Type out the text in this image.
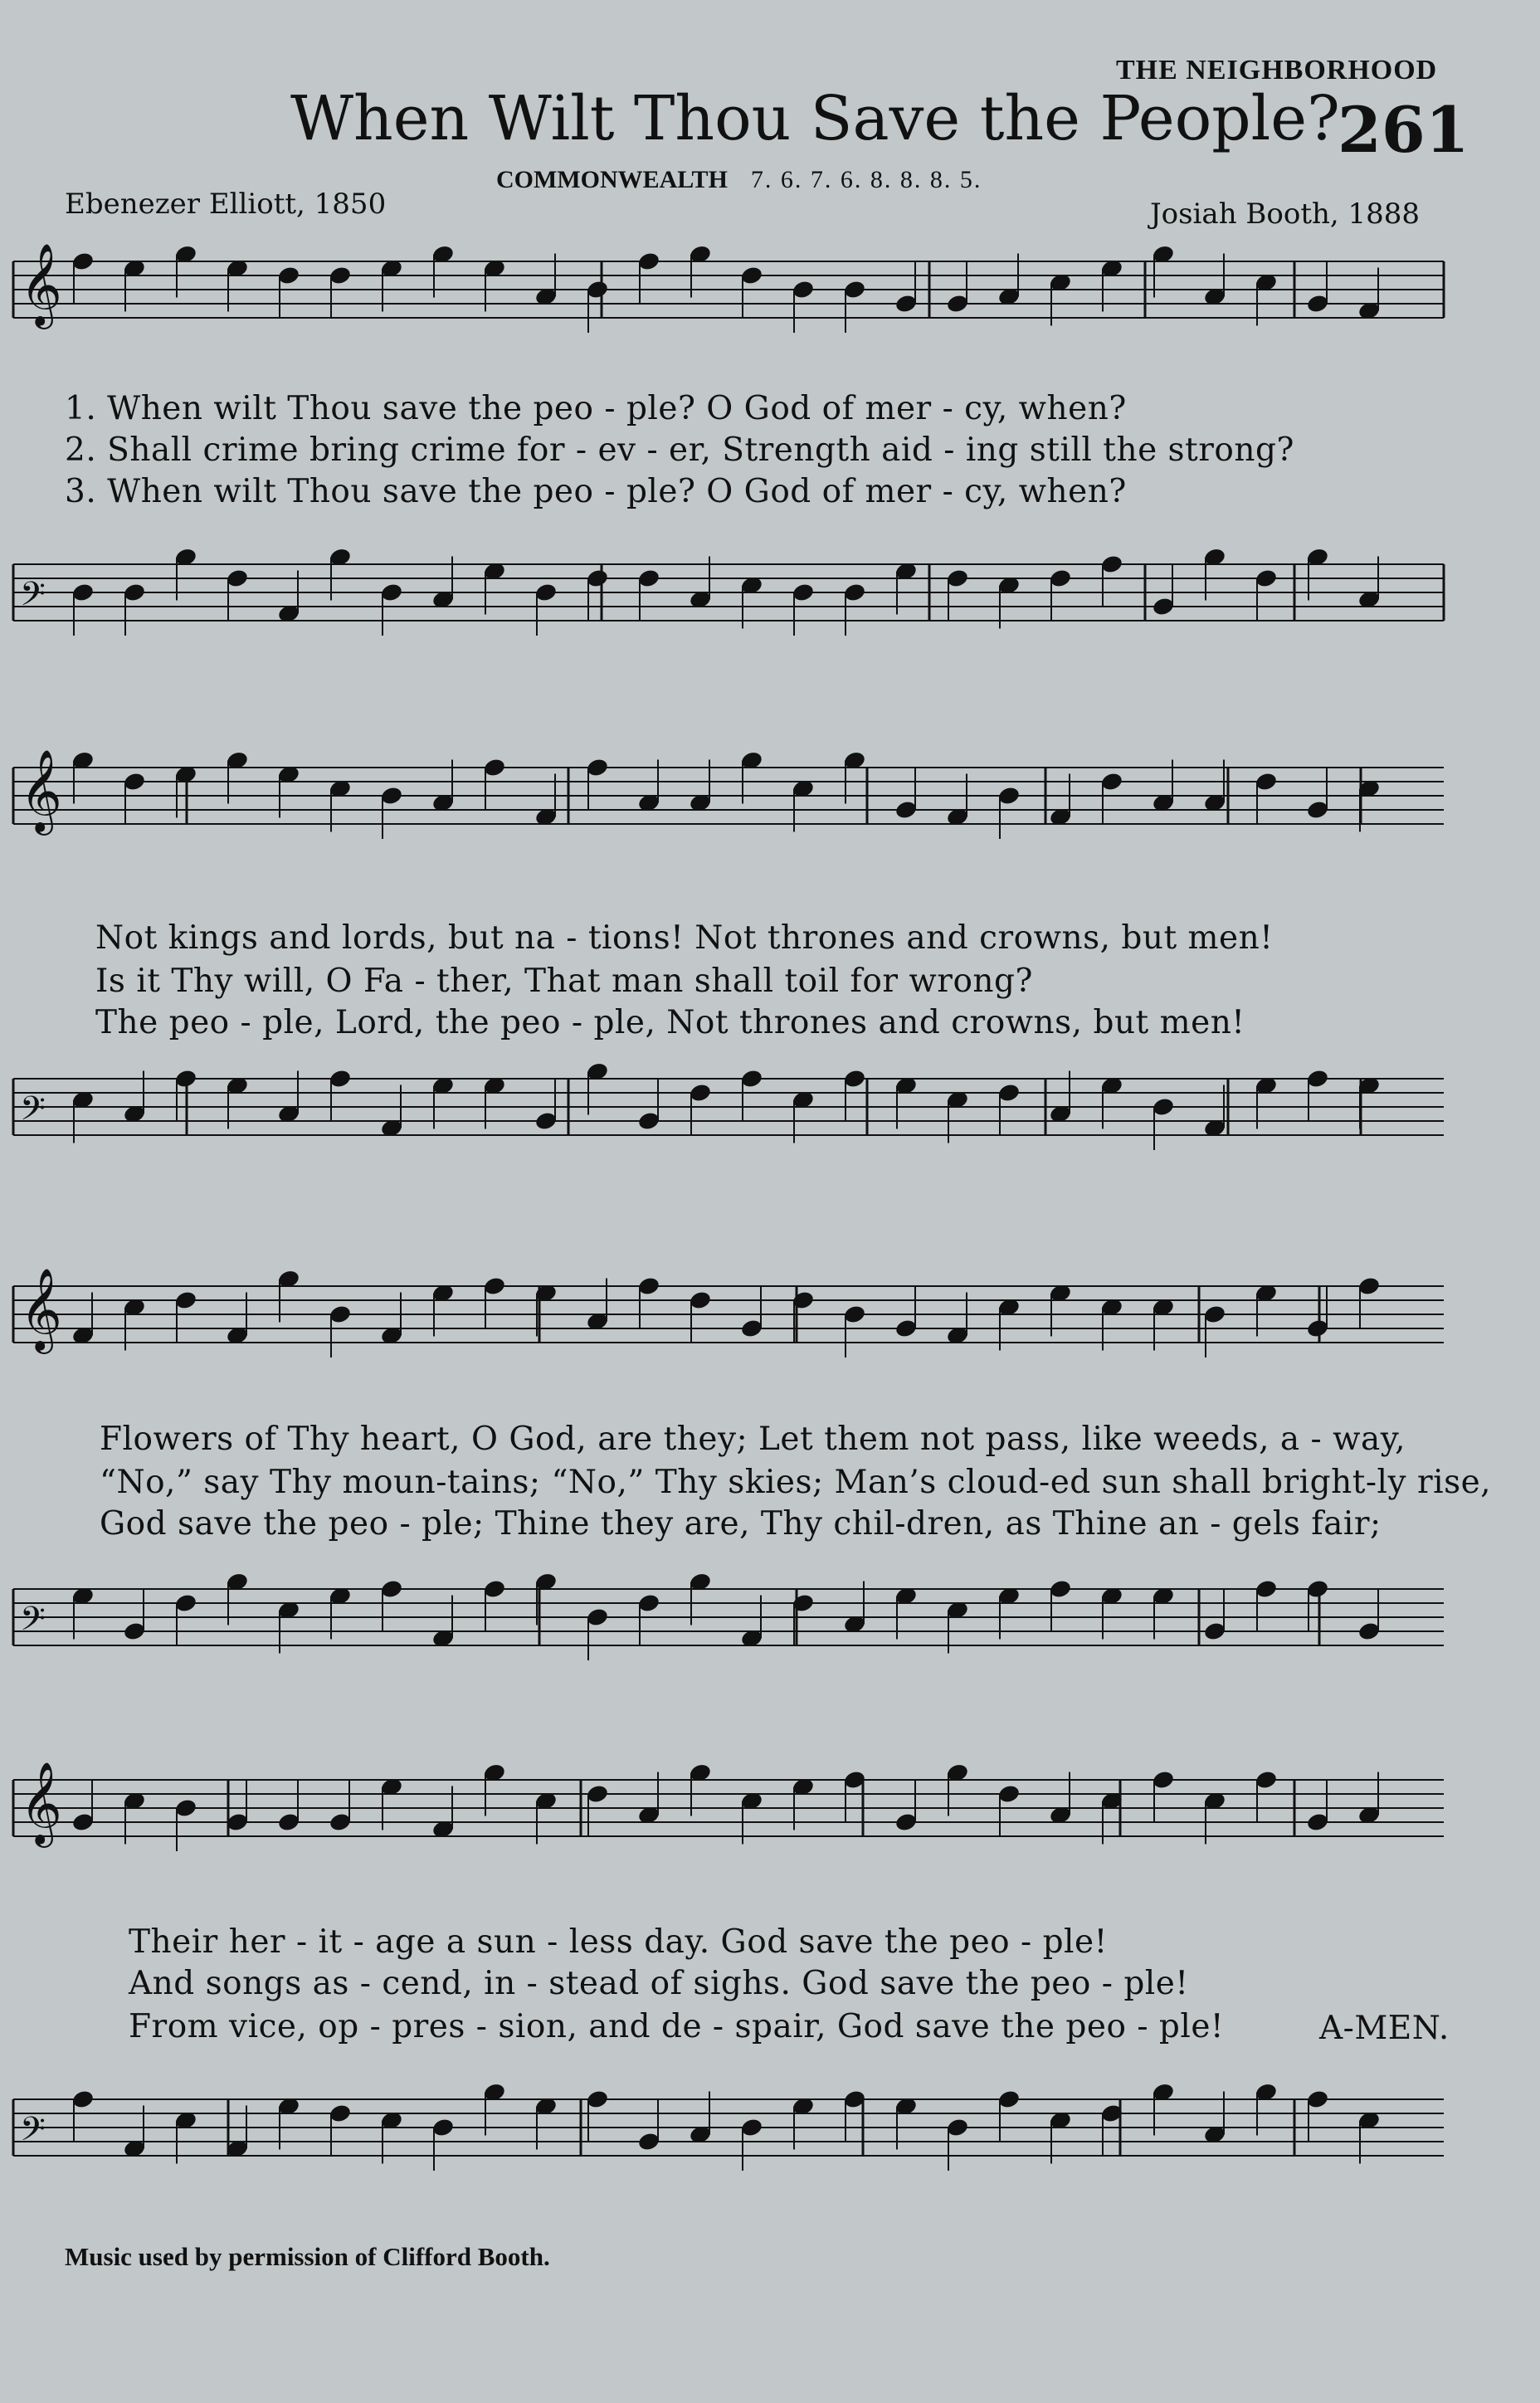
THE NEIGHBORHOOD
When Wilt Thou Save the People?
261
COMMONWEALTH 7. 6. 7. 6. 8. 8. 8. 5.
Ebenezer Elliott, 1850	Josiah Booth, 1888
𝄞
1. When wilt Thou save the peo - ple? O God of mer - cy, when?
2. Shall crime bring crime for - ev - er, Strength aid - ing still the strong?
3. When wilt Thou save the peo - ple? O God of mer - cy, when?
𝄢
𝄞
Not kings and lords, but na - tions! Not thrones and crowns, but men!
Is it Thy will, O Fa - ther, That man shall toil for wrong?
The peo - ple, Lord, the peo - ple, Not thrones and crowns, but men!
𝄢
𝄞
Flowers of Thy heart, O God, are they; Let them not pass, like weeds, a - way,
“No,” say Thy moun-tains; “No,” Thy skies; Man’s cloud-ed sun shall bright-ly rise,
God save the peo - ple; Thine they are, Thy chil-dren, as Thine an - gels fair;
𝄢
𝄞
Their her - it - age a sun - less day. God save the peo - ple!
And songs as - cend, in - stead of sighs. God save the peo - ple!
From vice, op - pres - sion, and de - spair, God save the peo - ple!	A-MEN.
𝄢
Music used by permission of Clifford Booth.
